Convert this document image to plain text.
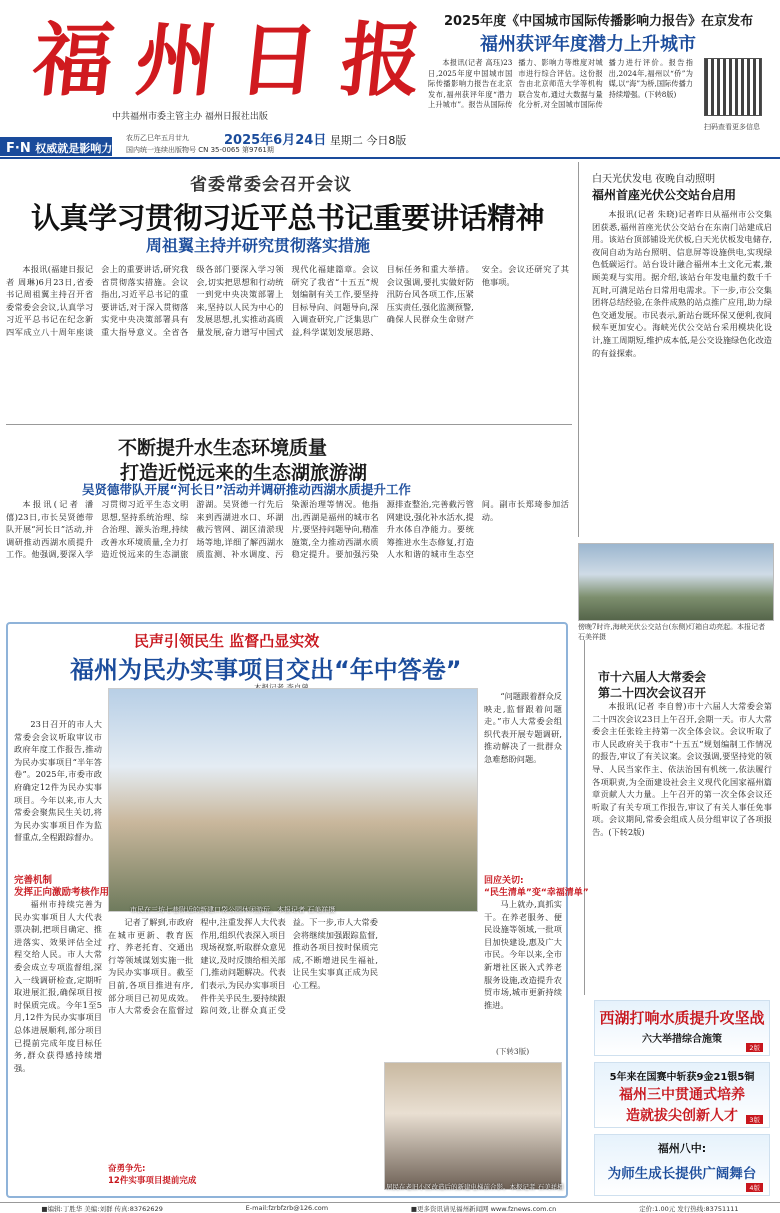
福 州 日 报
中共福州市委主管主办 福州日报社出版
农历乙巳年五月廿九	2025年6月24日 星期二 今日8版
国内统一连续出版物号 CN 35-0065 第9761期
F·N 权威就是影响力
2025年度《中国城市国际传播影响力报告》在京发布
福州获评年度潜力上升城市
本报讯(记者 高珏)23日,2025年度中国城市国际传播影响力报告在北京发布,福州获评年度“潜力上升城市”。报告从国际传播力、影响力等维度对城市进行综合评估。这份报告由北京师范大学等机构联合发布,通过大数据与量化分析,对全国城市国际传播力进行评价。报告指出,2024年,福州以“侨”为媒,以“海”为桥,国际传播力持续增强。(下转8版)
扫码查看更多信息
省委常委会召开会议
认真学习贯彻习近平总书记重要讲话精神
周祖翼主持并研究贯彻落实措施
本报讯(福建日报记者 周琳)6月23日,省委书记周祖翼主持召开省委常委会会议,认真学习习近平总书记在纪念新四军成立八十周年座谈会上的重要讲话,研究我省贯彻落实措施。会议指出,习近平总书记的重要讲话,对于深入贯彻落实党中央决策部署具有重大指导意义。全省各级各部门要深入学习领会,切实把思想和行动统一到党中央决策部署上来,坚持以人民为中心的发展思想,扎实推动高质量发展,奋力谱写中国式现代化福建篇章。会议研究了我省“十五五”规划编制有关工作,要坚持目标导向、问题导向,深入调查研究,广泛集思广益,科学谋划发展思路、目标任务和重大举措。会议强调,要扎实做好防汛防台风各项工作,压紧压实责任,强化监测预警,确保人民群众生命财产安全。会议还研究了其他事项。
不断提升水生态环境质量
打造近悦远来的生态湖旅游湖
吴贤德带队开展“河长日”活动并调研推动西湖水质提升工作
本报讯(记者 潘僖)23日,市长吴贤德带队开展“河长日”活动,并调研推动西湖水质提升工作。他强调,要深入学习贯彻习近平生态文明思想,坚持系统治理、综合治理、源头治理,持续改善水环境质量,全力打造近悦远来的生态湖旅游湖。吴贤德一行先后来到西湖进水口、环湖截污管网、湖区清淤现场等地,详细了解西湖水质监测、补水调度、污染源治理等情况。他指出,西湖是福州的城市名片,要坚持问题导向,精准施策,全力推动西湖水质稳定提升。要加强污染源排查整治,完善截污管网建设,强化补水活水,提升水体自净能力。要统筹推进水生态修复,打造人水和谐的城市生态空间。副市长郑琦参加活动。
白天光伏发电 夜晚自动照明
福州首座光伏公交站台启用
本报讯(记者 朱晓)记者昨日从福州市公交集团获悉,福州首座光伏公交站台在东南门站建成启用。该站台顶部铺设光伏板,白天光伏板发电储存,夜间自动为站台照明、信息屏等设施供电,实现绿色低碳运行。站台设计融合福州本土文化元素,兼顾美观与实用。据介绍,该站台年发电量约数千千瓦时,可满足站台日常用电需求。下一步,市公交集团将总结经验,在条件成熟的站点推广应用,助力绿色交通发展。市民表示,新站台既环保又便利,夜间候车更加安心。海峡光伏公交站台采用模块化设计,施工周期短,维护成本低,是公交设施绿色化改造的有益探索。
傍晚7时许,海峡光伏公交站台(东侧)灯箱自动亮起。本报记者 石美祥摄
市十六届人大常委会
第二十四次会议召开
本报讯(记者 李自曾)市十六届人大常委会第二十四次会议23日上午召开,会期一天。市人大常委会主任张铨主持第一次全体会议。会议听取了市人民政府关于我市“十五五”规划编制工作情况的报告,审议了有关议案。会议强调,要坚持党的领导、人民当家作主、依法治国有机统一,依法履行各项职责,为全面建设社会主义现代化国家福州篇章贡献人大力量。上午召开的第一次全体会议还听取了有关专项工作报告,审议了有关人事任免事项。会议期间,常委会组成人员分组审议了各项报告。(下转2版)
民声引领民生 监督凸显实效
福州为民办实事项目交出“年中答卷”
市民在三坊七巷附近的新建口袋公园休闲游玩。本报记者 石美祥摄
23日召开的市人大常委会会议听取审议市政府年度工作报告,推动为民办实事项目“半年答卷”。2025年,市委市政府确定12件为民办实事项目。今年以来,市人大常委会聚焦民生关切,将为民办实事项目作为监督重点,全程跟踪督办。
完善机制
发挥正向激励考核作用
福州市持续完善为民办实事项目人大代表票决制,把项目确定、推进落实、效果评估全过程交给人民。市人大常委会成立专项监督组,深入一线调研检查,定期听取进展汇报,确保项目按时保质完成。今年1至5月,12件为民办实事项目总体进展顺利,部分项目已提前完成年度目标任务,群众获得感持续增强。
“问题跟着群众反映走,监督跟着问题走。”市人大常委会组织代表开展专题调研,推动解决了一批群众急难愁盼问题。
回应关切:
“民生清单”变“幸福清单”
马上就办,真抓实干。在养老服务、便民设施等领域,一批项目加快建设,惠及广大市民。今年以来,全市新增社区嵌入式养老服务设施,改造提升农贸市场,城市更新持续推进。
(下转3版)
记者了解到,市政府在城市更新、教育医疗、养老托育、交通出行等领域谋划实施一批为民办实事项目。截至目前,各项目推进有序,部分项目已初见成效。市人大常委会在监督过程中,注重发挥人大代表作用,组织代表深入项目现场视察,听取群众意见建议,及时反馈给相关部门,推动问题解决。代表们表示,为民办实事项目件件关乎民生,要持续跟踪问效,让群众真正受益。下一步,市人大常委会将继续加强跟踪监督,推动各项目按时保质完成,不断增进民生福祉,让民生实事真正成为民心工程。
奋勇争先:
12件实事项目提前完成
居民在老旧小区改造后的新建电梯前合影。本报记者 石美祥摄
西湖打响水质提升攻坚战
六大举措综合施策
2版
5年来在国赛中斩获9金21银5铜
福州三中贯通式培养
造就拔尖创新人才	3版
福州八中:
为师生成长提供广阔舞台
4版
■编辑:丁胜华 美编:刘群 传真:83762629	E-mail:fzrbfzrb@126.com	■更多资讯请见福州新闻网 www.fznews.com.cn	定价:1.00元 发行热线:83751111
